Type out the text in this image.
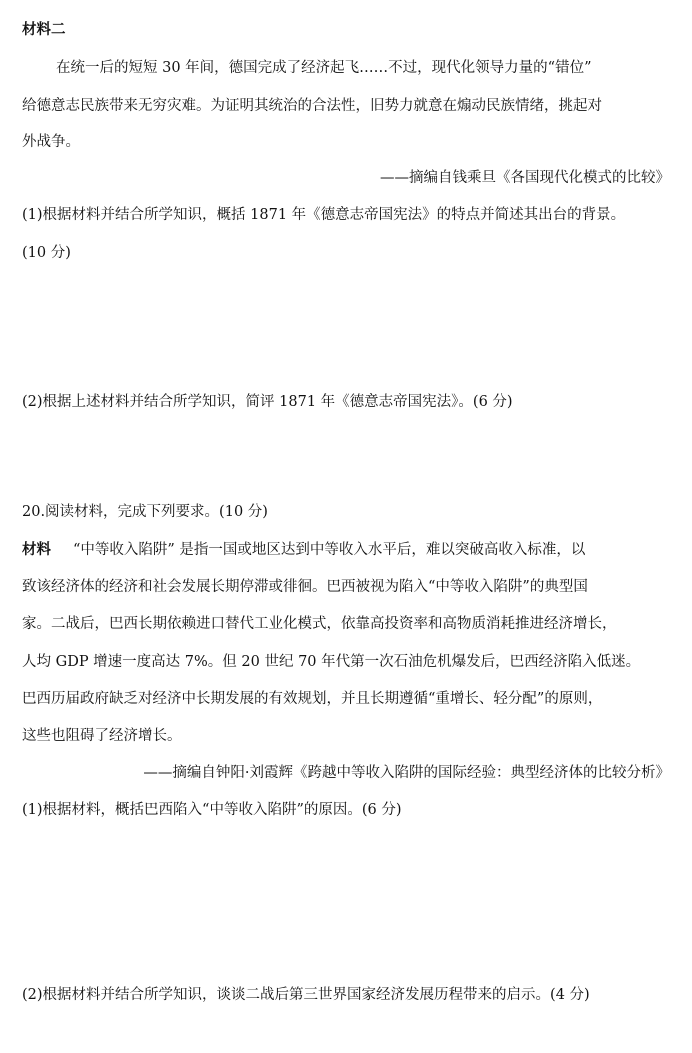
材料二
在统一后的短短 30 年间，德国完成了经济起飞……不过，现代化领导力量的“错位”
给德意志民族带来无穷灾难。为证明其统治的合法性，旧势力就意在煽动民族情绪，挑起对
外战争。
——摘编自钱乘旦《各国现代化模式的比较》
(1)根据材料并结合所学知识，概括 1871 年《德意志帝国宪法》的特点并简述其出台的背景。
(10 分)
(2)根据上述材料并结合所学知识，简评 1871 年《德意志帝国宪法》。(6 分)
20.阅读材料，完成下列要求。(10 分)
材料 “中等收入陷阱” 是指一国或地区达到中等收入水平后，难以突破高收入标准，以
致该经济体的经济和社会发展长期停滞或徘徊。巴西被视为陷入“中等收入陷阱”的典型国
家。二战后，巴西长期依赖进口替代工业化模式，依靠高投资率和高物质消耗推进经济增长，
人均 GDP 增速一度高达 7%。但 20 世纪 70 年代第一次石油危机爆发后，巴西经济陷入低迷。
巴西历届政府缺乏对经济中长期发展的有效规划，并且长期遵循“重增长、轻分配”的原则，
这些也阻碍了经济增长。
——摘编自钟阳·刘霞辉《跨越中等收入陷阱的国际经验：典型经济体的比较分析》
(1)根据材料，概括巴西陷入“中等收入陷阱”的原因。(6 分)
(2)根据材料并结合所学知识，谈谈二战后第三世界国家经济发展历程带来的启示。(4 分)
